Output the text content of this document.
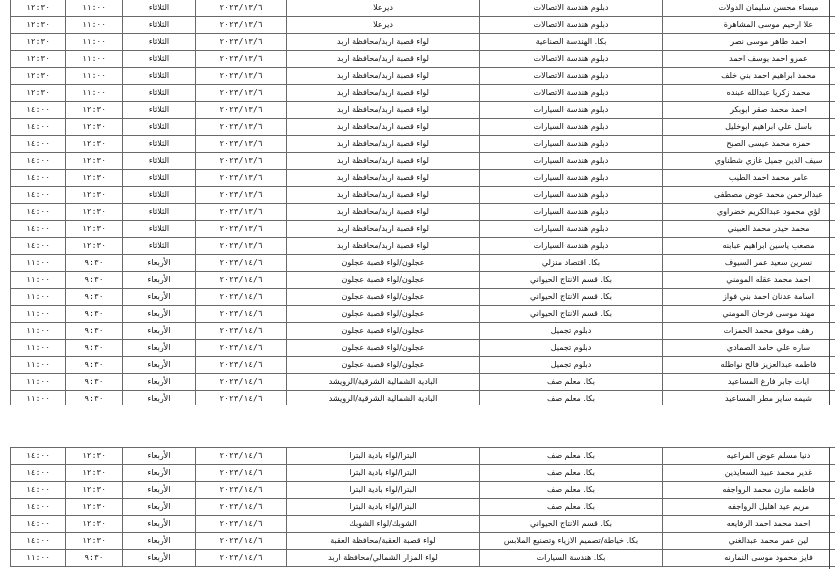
ميساء محسن سليمان الدولات	دبلوم هندسة الاتصالات	ديرعلا	٢٠٢٣/١٣/٦	الثلاثاء	١١:٠٠	١٢:٣٠
علا ارحيم موسى المشاهرة	دبلوم هندسة الاتصالات	ديرعلا	٢٠٢٣/١٣/٦	الثلاثاء	١١:٠٠	١٢:٣٠
احمد طاهر موسى نصر	بكا. الهندسة الصناعية	لواء قصبة اربد/محافظة اربد	٢٠٢٣/١٣/٦	الثلاثاء	١١:٠٠	١٢:٣٠
عمرو احمد يوسف احمد	دبلوم هندسة الاتصالات	لواء قصبة اربد/محافظة اربد	٢٠٢٣/١٣/٦	الثلاثاء	١١:٠٠	١٢:٣٠
محمد ابراهيم احمد بني خلف	دبلوم هندسة الاتصالات	لواء قصبة اربد/محافظة اربد	٢٠٢٣/١٣/٦	الثلاثاء	١١:٠٠	١٢:٣٠
محمد زكريا عبدالله عبنده	دبلوم هندسة الاتصالات	لواء قصبة اربد/محافظة اربد	٢٠٢٣/١٣/٦	الثلاثاء	١١:٠٠	١٢:٣٠
احمد محمد صقر ابوبكر	دبلوم هندسة السيارات	لواء قصبة اربد/محافظة اربد	٢٠٢٣/١٣/٦	الثلاثاء	١٢:٣٠	١٤:٠٠
باسل علي ابراهيم ابوخليل	دبلوم هندسة السيارات	لواء قصبة اربد/محافظة اربد	٢٠٢٣/١٣/٦	الثلاثاء	١٢:٣٠	١٤:٠٠
حمزه محمد عيسى الصبح	دبلوم هندسة السيارات	لواء قصبة اربد/محافظة اربد	٢٠٢٣/١٣/٦	الثلاثاء	١٢:٣٠	١٤:٠٠
سيف الدين جميل غازي شطناوي	دبلوم هندسة السيارات	لواء قصبة اربد/محافظة اربد	٢٠٢٣/١٣/٦	الثلاثاء	١٢:٣٠	١٤:٠٠
عامر محمد احمد الطيب	دبلوم هندسة السيارات	لواء قصبة اربد/محافظة اربد	٢٠٢٣/١٣/٦	الثلاثاء	١٢:٣٠	١٤:٠٠
عبدالرحمن محمد عوض مصطفى	دبلوم هندسة السيارات	لواء قصبة اربد/محافظة اربد	٢٠٢٣/١٣/٦	الثلاثاء	١٢:٣٠	١٤:٠٠
لؤي محمود عبدالكريم خضراوي	دبلوم هندسة السيارات	لواء قصبة اربد/محافظة اربد	٢٠٢٣/١٣/٦	الثلاثاء	١٢:٣٠	١٤:٠٠
محمد حيدر محمد العبيني	دبلوم هندسة السيارات	لواء قصبة اربد/محافظة اربد	٢٠٢٣/١٣/٦	الثلاثاء	١٢:٣٠	١٤:٠٠
مصعب ياسين ابراهيم عبابنه	دبلوم هندسة السيارات	لواء قصبة اربد/محافظة اربد	٢٠٢٣/١٣/٦	الثلاثاء	١٢:٣٠	١٤:٠٠
نسرين سعيد عمر السيوف	بكا. اقتصاد منزلي	عجلون/لواء قصبة عجلون	٢٠٢٣/١٤/٦	الأربعاء	٩:٣٠	١١:٠٠
احمد محمد عقله المومني	بكا. قسم الانتاج الحيواني	عجلون/لواء قصبة عجلون	٢٠٢٣/١٤/٦	الأربعاء	٩:٣٠	١١:٠٠
اسامة عدنان احمد بني فواز	بكا. قسم الانتاج الحيواني	عجلون/لواء قصبة عجلون	٢٠٢٣/١٤/٦	الأربعاء	٩:٣٠	١١:٠٠
مهند موسى فرحان المومني	بكا. قسم الانتاج الحيواني	عجلون/لواء قصبة عجلون	٢٠٢٣/١٤/٦	الأربعاء	٩:٣٠	١١:٠٠
رهف موفق محمد الحمزات	دبلوم تجميل	عجلون/لواء قصبة عجلون	٢٠٢٣/١٤/٦	الأربعاء	٩:٣٠	١١:٠٠
ساره علي حامد الصمادي	دبلوم تجميل	عجلون/لواء قصبة عجلون	٢٠٢٣/١٤/٦	الأربعاء	٩:٣٠	١١:٠٠
فاطمه عبدالعزيز فالح نواطله	دبلوم تجميل	عجلون/لواء قصبة عجلون	٢٠٢٣/١٤/٦	الأربعاء	٩:٣٠	١١:٠٠
ايات جابر فارغ المساعيد	بكا. معلم صف	البادية الشمالية الشرقية/الرويشد	٢٠٢٣/١٤/٦	الأربعاء	٩:٣٠	١١:٠٠
شيمه ساير مطر المساعيد	بكا. معلم صف	البادية الشمالية الشرقية/الرويشد	٢٠٢٣/١٤/٦	الأربعاء	٩:٣٠	١١:٠٠

دنيا مسلم عوض المراعيه	بكا. معلم صف	البترا/لواء بادية البترا	٢٠٢٣/١٤/٦	الأربعاء	١٢:٣٠	١٤:٠٠
غدير محمد عبيد السعايدين	بكا. معلم صف	البترا/لواء بادية البترا	٢٠٢٣/١٤/٦	الأربعاء	١٢:٣٠	١٤:٠٠
فاطمه مازن محمد الرواجفه	بكا. معلم صف	البترا/لواء بادية البترا	٢٠٢٣/١٤/٦	الأربعاء	١٢:٣٠	١٤:٠٠
مريم عيد اهليل الرواجفه	بكا. معلم صف	البترا/لواء بادية البترا	٢٠٢٣/١٤/٦	الأربعاء	١٢:٣٠	١٤:٠٠
احمد محمد احمد الرفايعه	بكا. قسم الانتاج الحيواني	الشوبك/لواء الشوبك	٢٠٢٣/١٤/٦	الأربعاء	١٢:٣٠	١٤:٠٠
لين عمر محمد عبدالغني	بكا. خياطة/تصميم الازياء وتصنيع الملابس	لواء قصبة العقبة/محافظة العقبة	٢٠٢٣/١٤/٦	الأربعاء	١٢:٣٠	١٤:٠٠
فايز محمود موسى النمارنه	بكا. هندسة السيارات	لواء المزار الشمالي/محافظة اربد	٢٠٢٣/١٤/٦	الأربعاء	٩:٣٠	١١:٠٠
